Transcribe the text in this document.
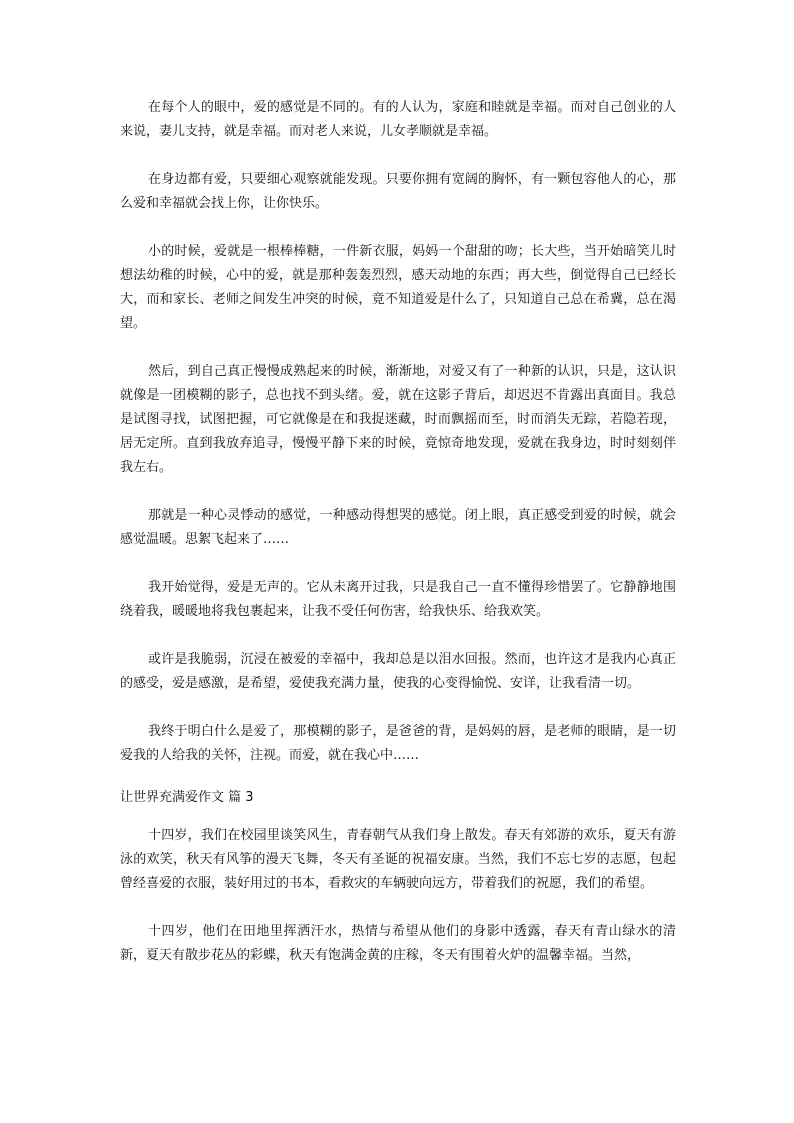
在每个人的眼中，爱的感觉是不同的。有的人认为，家庭和睦就是幸福。而对自己创业的人来说，妻儿支持，就是幸福。而对老人来说，儿女孝顺就是幸福。

在身边都有爱，只要细心观察就能发现。只要你拥有宽阔的胸怀，有一颗包容他人的心，那么爱和幸福就会找上你，让你快乐。

小的时候，爱就是一根棒棒糖，一件新衣服，妈妈一个甜甜的吻；长大些，当开始暗笑儿时想法幼稚的时候，心中的爱，就是那种轰轰烈烈，感天动地的东西；再大些，倒觉得自己已经长大，而和家长、老师之间发生冲突的时候，竟不知道爱是什么了，只知道自己总在希冀，总在渴望。

然后，到自己真正慢慢成熟起来的时候，渐渐地，对爱又有了一种新的认识，只是，这认识就像是一团模糊的影子，总也找不到头绪。爱，就在这影子背后，却迟迟不肯露出真面目。我总是试图寻找，试图把握，可它就像是在和我捉迷藏，时而飘摇而至，时而消失无踪，若隐若现，居无定所。直到我放弃追寻，慢慢平静下来的时候，竟惊奇地发现，爱就在我身边，时时刻刻伴我左右。

那就是一种心灵悸动的感觉，一种感动得想哭的感觉。闭上眼，真正感受到爱的时候，就会感觉温暖。思絮飞起来了……

我开始觉得，爱是无声的。它从未离开过我，只是我自己一直不懂得珍惜罢了。它静静地围绕着我，暖暖地将我包裹起来，让我不受任何伤害，给我快乐、给我欢笑。

或许是我脆弱，沉浸在被爱的幸福中，我却总是以泪水回报。然而，也许这才是我内心真正的感受，爱是感激，是希望，爱使我充满力量，使我的心变得愉悦、安详，让我看清一切。

我终于明白什么是爱了，那模糊的影子，是爸爸的背，是妈妈的唇，是老师的眼睛，是一切爱我的人给我的关怀，注视。而爱，就在我心中……

让世界充满爱作文 篇 3

十四岁，我们在校园里谈笑风生，青春朝气从我们身上散发。春天有郊游的欢乐，夏天有游泳的欢笑，秋天有风筝的漫天飞舞，冬天有圣诞的祝福安康。当然，我们不忘七岁的志愿，包起曾经喜爱的衣服，装好用过的书本，看救灾的车辆驶向远方，带着我们的祝愿，我们的希望。

十四岁，他们在田地里挥洒汗水，热情与希望从他们的身影中透露，春天有青山绿水的清新，夏天有散步花丛的彩蝶，秋天有饱满金黄的庄稼，冬天有围着火炉的温馨幸福。当然，
